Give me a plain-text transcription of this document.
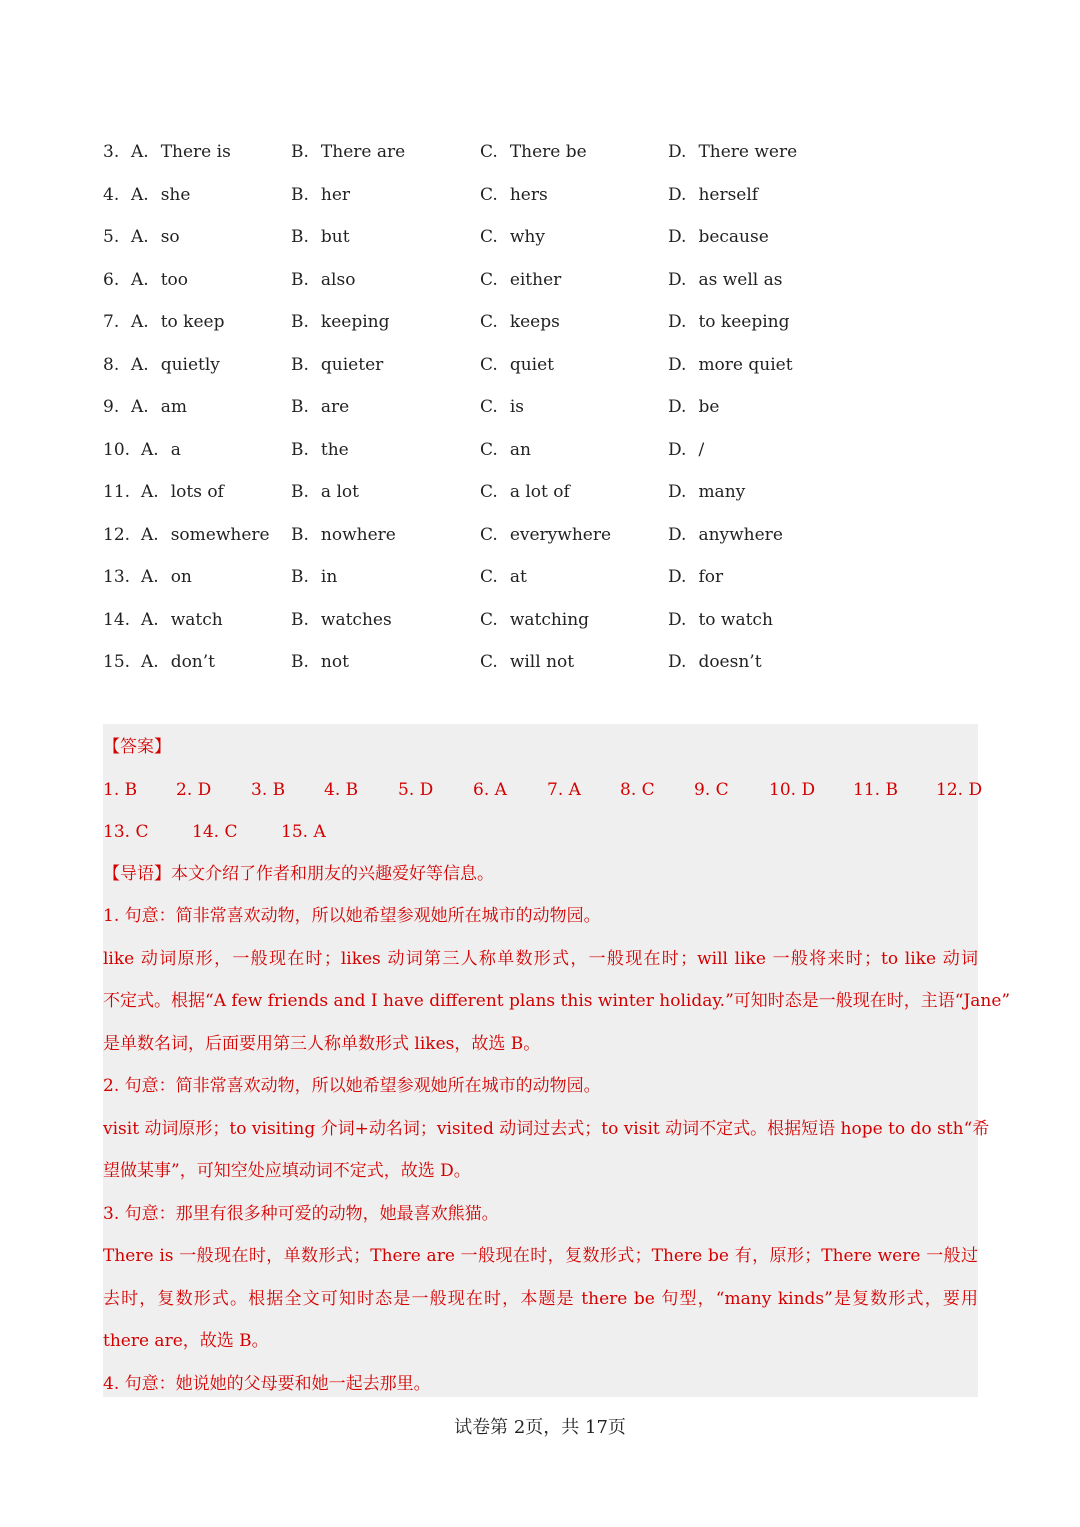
3. A. There is	B. There are	C. There be	D. There were
4. A. she	B. her	C. hers	D. herself
5. A. so	B. but	C. why	D. because
6. A. too	B. also	C. either	D. as well as
7. A. to keep	B. keeping	C. keeps	D. to keeping
8. A. quietly	B. quieter	C. quiet	D. more quiet
9. A. am	B. are	C. is	D. be
10. A. a	B. the	C. an	D. /
11. A. lots of	B. a lot	C. a lot of	D. many
12. A. somewhere B. nowhere	C. everywhere	D. anywhere
13. A. on	B. in	C. at	D. for
14. A. watch	B. watches	C. watching	D. to watch
15. A. don’t	B. not	C. will not	D. doesn’t
【答案】
1. B 2. D 3. B 4. B 5. D 6. A 7. A 8. C 9. C 10. D 11. B 12. D
13. C	14. C	15. A
【导语】本文介绍了作者和朋友的兴趣爱好等信息。
1. 句意：简非常喜欢动物，所以她希望参观她所在城市的动物园。
like 动词原形，一般现在时；likes 动词第三人称单数形式，一般现在时；will like 一般将来时；to like 动词
不定式。根据“A few friends and I have different plans this winter holiday.”可知时态是一般现在时，主语“Jane”
是单数名词，后面要用第三人称单数形式 likes，故选 B。
2. 句意：简非常喜欢动物，所以她希望参观她所在城市的动物园。
visit 动词原形；to visiting 介词+动名词；visited 动词过去式；to visit 动词不定式。根据短语 hope to do sth“希
望做某事”，可知空处应填动词不定式，故选 D。
3. 句意：那里有很多种可爱的动物，她最喜欢熊猫。
There is 一般现在时，单数形式；There are 一般现在时，复数形式；There be 有，原形；There were 一般过
去时，复数形式。根据全文可知时态是一般现在时，本题是 there be 句型，“many kinds”是复数形式，要用
there are，故选 B。
4. 句意：她说她的父母要和她一起去那里。
试卷第 2页，共 17页
